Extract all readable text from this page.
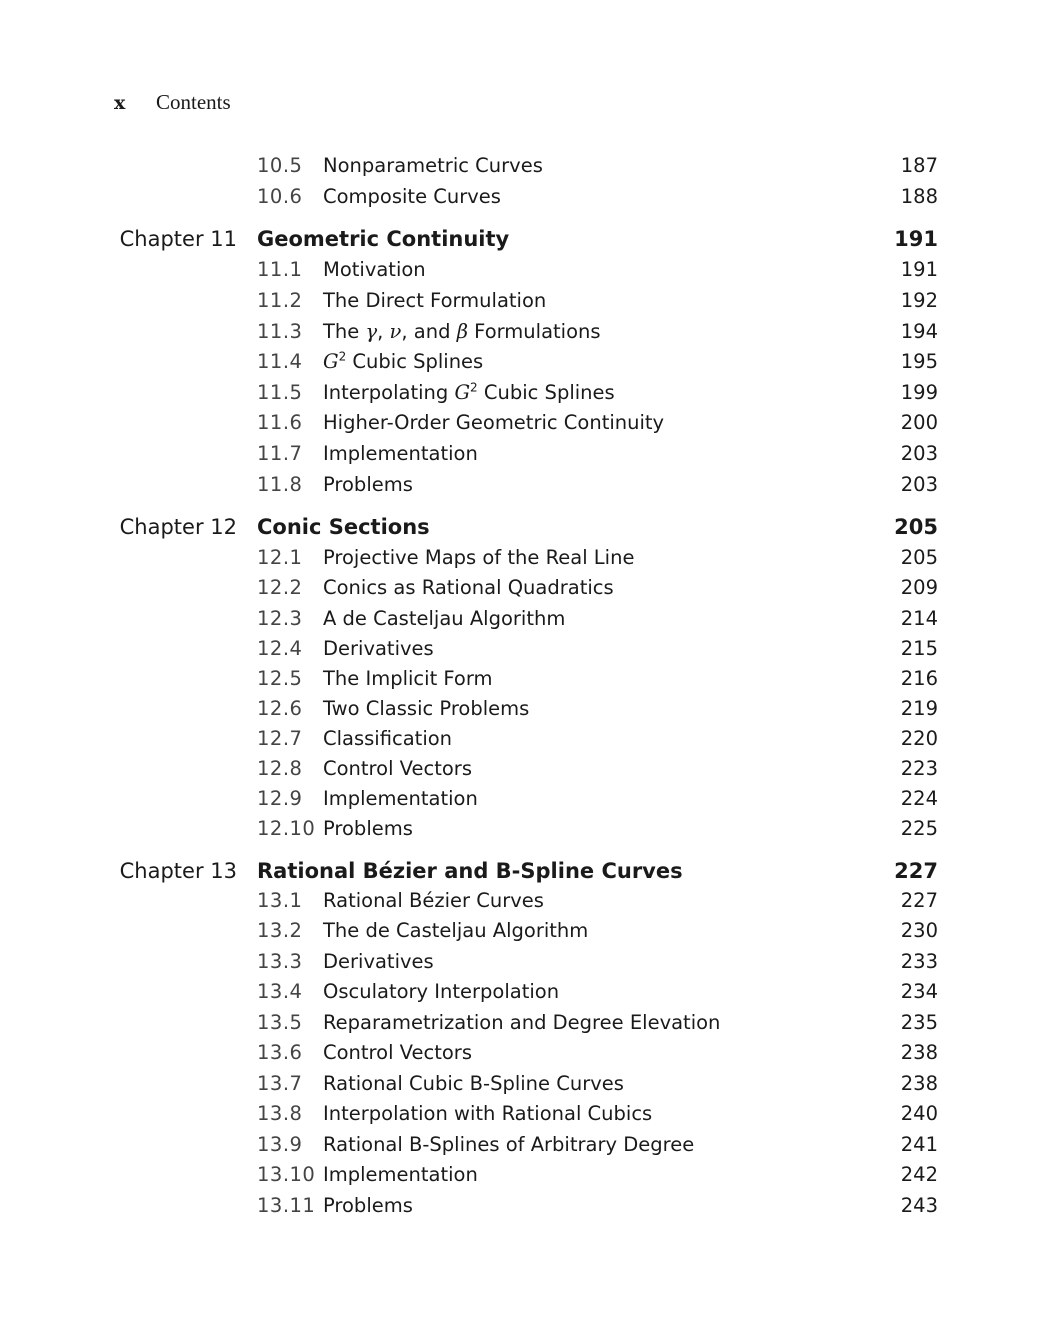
x Contents
10.5 Nonparametric Curves	187
10.6 Composite Curves	188
Chapter 11 Geometric Continuity	191
11.1 Motivation	191
11.2 The Direct Formulation	192
11.3 The γ, ν, and β Formulations	194
11.4 $G^2$ Cubic Splines	195
11.5 Interpolating $G^2$ Cubic Splines	199
11.6 Higher-Order Geometric Continuity	200
11.7 Implementation	203
11.8 Problems	203
Chapter 12 Conic Sections	205
12.1 Projective Maps of the Real Line	205
12.2 Conics as Rational Quadratics	209
12.3 A de Casteljau Algorithm	214
12.4 Derivatives	215
12.5 The Implicit Form	216
12.6 Two Classic Problems	219
12.7 Classification	220
12.8 Control Vectors	223
12.9 Implementation	224
12.10 Problems	225
Chapter 13 Rational Bézier and B-Spline Curves	227
13.1 Rational Bézier Curves	227
13.2 The de Casteljau Algorithm	230
13.3 Derivatives	233
13.4 Osculatory Interpolation	234
13.5 Reparametrization and Degree Elevation	235
13.6 Control Vectors	238
13.7 Rational Cubic B-Spline Curves	238
13.8 Interpolation with Rational Cubics	240
13.9 Rational B-Splines of Arbitrary Degree	241
13.10 Implementation	242
13.11 Problems	243
